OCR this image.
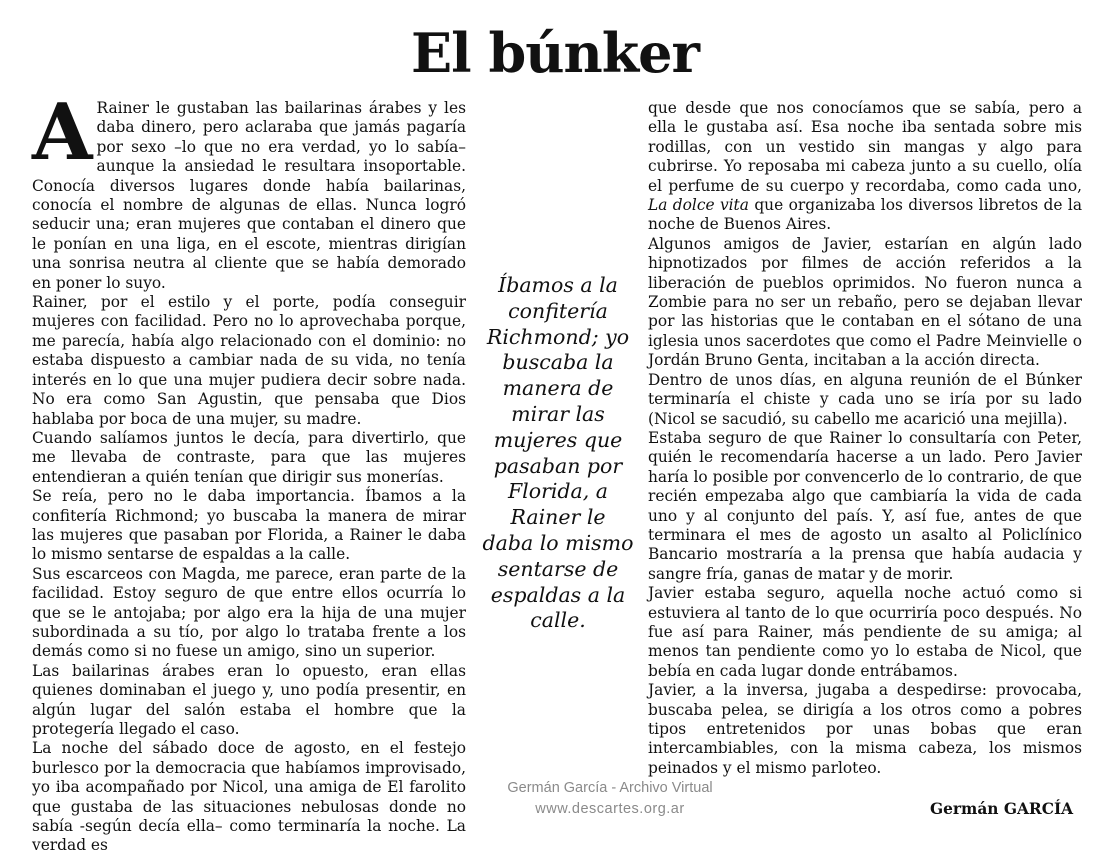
El búnker

A Rainer le gustaban las bailarinas árabes y les daba dinero, pero aclaraba que jamás pagaría por sexo –lo que no era verdad, yo lo sabía– aunque la ansiedad le resultara insoportable. Conocía diversos lugares donde había bailarinas, conocía el nombre de algunas de ellas. Nunca logró seducir una; eran mujeres que contaban el dinero que le ponían en una liga, en el escote, mientras dirigían una sonrisa neutra al cliente que se había demorado en poner lo suyo.

Rainer, por el estilo y el porte, podía conseguir mujeres con facilidad. Pero no lo aprovechaba porque, me parecía, había algo relacionado con el dominio: no estaba dispuesto a cambiar nada de su vida, no tenía interés en lo que una mujer pudiera decir sobre nada. No era como San Agustin, que pensaba que Dios hablaba por boca de una mujer, su madre.

Cuando salíamos juntos le decía, para divertirlo, que me llevaba de contraste, para que las mujeres entendieran a quién tenían que dirigir sus monerías.

Se reía, pero no le daba importancia. Íbamos a la confitería Richmond; yo buscaba la manera de mirar las mujeres que pasaban por Florida, a Rainer le daba lo mismo sentarse de espaldas a la calle.

Sus escarceos con Magda, me parece, eran parte de la facilidad. Estoy seguro de que entre ellos ocurría lo que se le antojaba; por algo era la hija de una mujer subordinada a su tío, por algo lo trataba frente a los demás como si no fuese un amigo, sino un superior.

Las bailarinas árabes eran lo opuesto, eran ellas quienes dominaban el juego y, uno podía presentir, en algún lugar del salón estaba el hombre que la protegería llegado el caso.

La noche del sábado doce de agosto, en el festejo burlesco por la democracia que habíamos improvisado, yo iba acompañado por Nicol, una amiga de El farolito que gustaba de las situaciones nebulosas donde no sabía -según decía ella– como terminaría la noche. La verdad es

Íbamos a la confitería Richmond; yo buscaba la manera de mirar las mujeres que pasaban por Florida, a Rainer le daba lo mismo sentarse de espaldas a la calle.

que desde que nos conocíamos que se sabía, pero a ella le gustaba así. Esa noche iba sentada sobre mis rodillas, con un vestido sin mangas y algo para cubrirse. Yo reposaba mi cabeza junto a su cuello, olía el perfume de su cuerpo y recordaba, como cada uno, La dolce vita que organizaba los diversos libretos de la noche de Buenos Aires.

Algunos amigos de Javier, estarían en algún lado hipnotizados por filmes de acción referidos a la liberación de pueblos oprimidos. No fueron nunca a Zombie para no ser un rebaño, pero se dejaban llevar por las historias que le contaban en el sótano de una iglesia unos sacerdotes que como el Padre Meinvielle o Jordán Bruno Genta, incitaban a la acción directa.

Dentro de unos días, en alguna reunión de el Búnker terminaría el chiste y cada uno se iría por su lado (Nicol se sacudió, su cabello me acarició una mejilla).

Estaba seguro de que Rainer lo consultaría con Peter, quién le recomendaría hacerse a un lado. Pero Javier haría lo posible por convencerlo de lo contrario, de que recién empezaba algo que cambiaría la vida de cada uno y al conjunto del país. Y, así fue, antes de que terminara el mes de agosto un asalto al Policlínico Bancario mostraría a la prensa que había audacia y sangre fría, ganas de matar y de morir.

Javier estaba seguro, aquella noche actuó como si estuviera al tanto de lo que ocurriría poco después. No fue así para Rainer, más pendiente de su amiga; al menos tan pendiente como yo lo estaba de Nicol, que bebía en cada lugar donde entrábamos.

Javier, a la inversa, jugaba a despedirse: provocaba, buscaba pelea, se dirigía a los otros como a pobres tipos entretenidos por unas bobas que eran intercambiables, con la misma cabeza, los mismos peinados y el mismo parloteo.

Germán García - Archivo Virtual
www.descartes.org.ar	Germán GARCÍA
